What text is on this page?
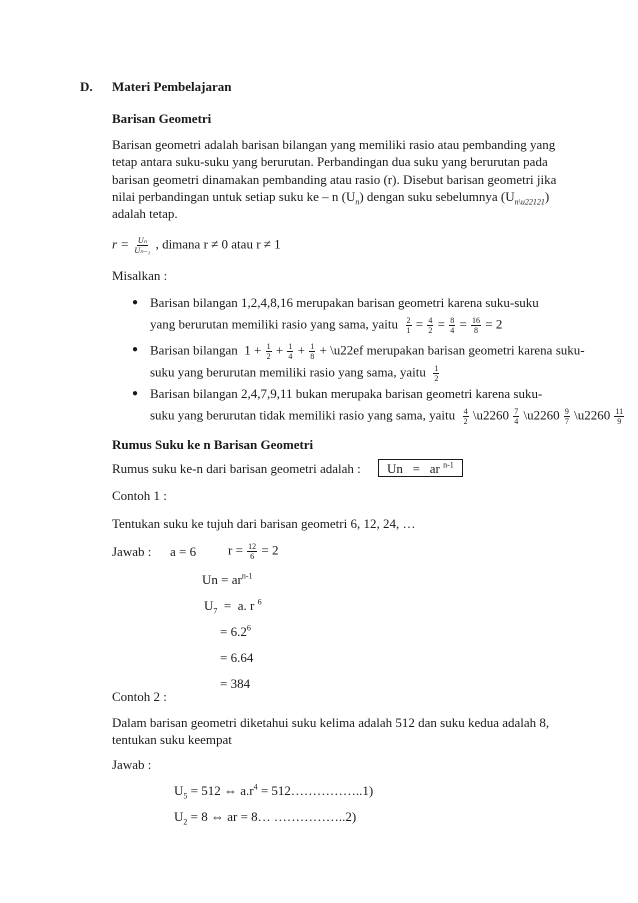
D. Materi Pembelajaran
Barisan Geometri
Barisan geometri adalah barisan bilangan yang memiliki rasio atau pembanding yang
tetap antara suku-suku yang berurutan. Perbandingan dua suku yang berurutan pada
barisan geometri dinamakan pembanding atau rasio (r). Disebut barisan geometri jika
nilai perbandingan untuk setiap suku ke – n $(U_n)$ dengan suku sebelumnya $(U_{n\backslash u22121})$
adalah tetap.
$r = \frac{\text{Uₙ}}{\text{Uₙ₋₁}}$ , dimana r ≠ 0 atau r ≠ 1
Misalkan :
● Barisan bilangan 1,2,4,8,16 merupakan barisan geometri karena suku-suku
yang berurutan memiliki rasio yang sama, yaitu $\frac{2}{1} = \frac{4}{2} = \frac{8}{4} = \frac{16}{8} = 2$
● Barisan bilangan  $1 + \frac{1}{2} + \frac{1}{4} + \frac{1}{8}$ + \u22ef merupakan barisan geometri karena suku-
suku yang berurutan memiliki rasio yang sama, yaitu $\frac{1}{2}$
● Barisan bilangan 2,4,7,9,11 bukan merupaka barisan geometri karena suku-
suku yang berurutan tidak memiliki rasio yang sama, yaitu $\frac{4}{2}$ \u2260 $\frac{7}{4}$ \u2260 $\frac{9}{7}$ \u2260 $\frac{11}{9}$
Rumus Suku ke n Barisan Geometri
Rumus suku ke-n dari barisan geometri adalah : Un = ar $^{n-1}$
Contoh 1 :
Tentukan suku ke tujuh dari barisan geometri 6, 12, 24, …
Jawab : a = 6 $r = \frac{12}{6} = 2$
$Un = ar^{n-1}$
$U_7 = a$. r $^6$
= $6.2^6$
= 6.64
= 384
Contoh 2 :
Dalam barisan geometri diketahui suku kelima adalah 512 dan suku kedua adalah 8,
tentukan suku keempat
Jawab :
$U_5 = 512$ ⇔ $a.r^4$ = 512……………..1)
$U_2 = 8$ ⇔ ar = 8… ……………..2)
